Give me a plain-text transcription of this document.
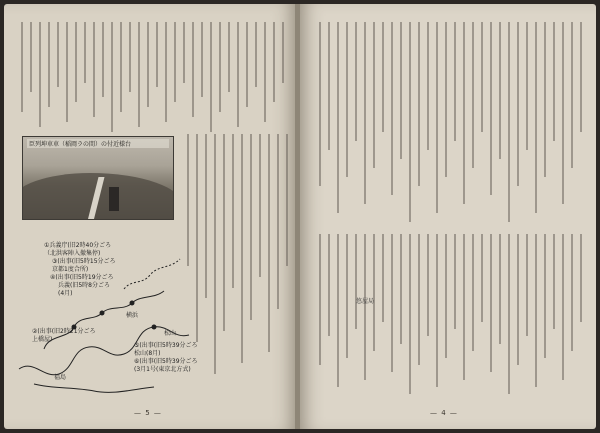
臣列坤車車（稲岡ラの間）の付近様台
①兵義庁(旧2時40分ごろ
（北洪客陣入撤集停)
③(出事(旧5時15分ごろ
京都1度合所)
④(出事(旧5時19分ごろ
兵義(旧5時8分ごろ
(4月)
②(出事(旧2時21分ごろ
上橋屋)
横浜
⑤(出事(旧5時39分ごろ
松山(8月)
⑥(出事(旧5時39分ごろ
(3月1号(東京北方式)
松山
福島
— 5 —
悠屋局
— 4 —
